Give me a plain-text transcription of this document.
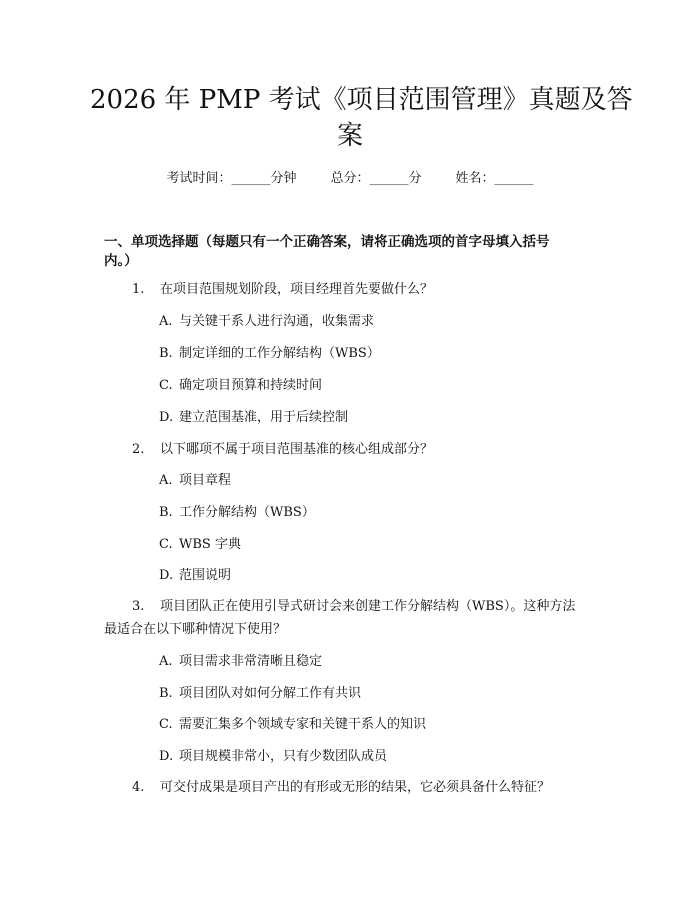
2026 年 PMP 考试《项目范围管理》真题及答
案
考试时间：______分钟	总分：______分	姓名：______
一、单项选择题（每题只有一个正确答案，请将正确选项的首字母填入括号
内。）
1. 在项目范围规划阶段，项目经理首先要做什么？
A. 与关键干系人进行沟通，收集需求
B. 制定详细的工作分解结构（WBS）
C. 确定项目预算和持续时间
D. 建立范围基准，用于后续控制
2. 以下哪项不属于项目范围基准的核心组成部分？
A. 项目章程
B. 工作分解结构（WBS）
C. WBS 字典
D. 范围说明
3. 项目团队正在使用引导式研讨会来创建工作分解结构（WBS）。这种方法
最适合在以下哪种情况下使用？
A. 项目需求非常清晰且稳定
B. 项目团队对如何分解工作有共识
C. 需要汇集多个领域专家和关键干系人的知识
D. 项目规模非常小，只有少数团队成员
4. 可交付成果是项目产出的有形或无形的结果，它必须具备什么特征？
